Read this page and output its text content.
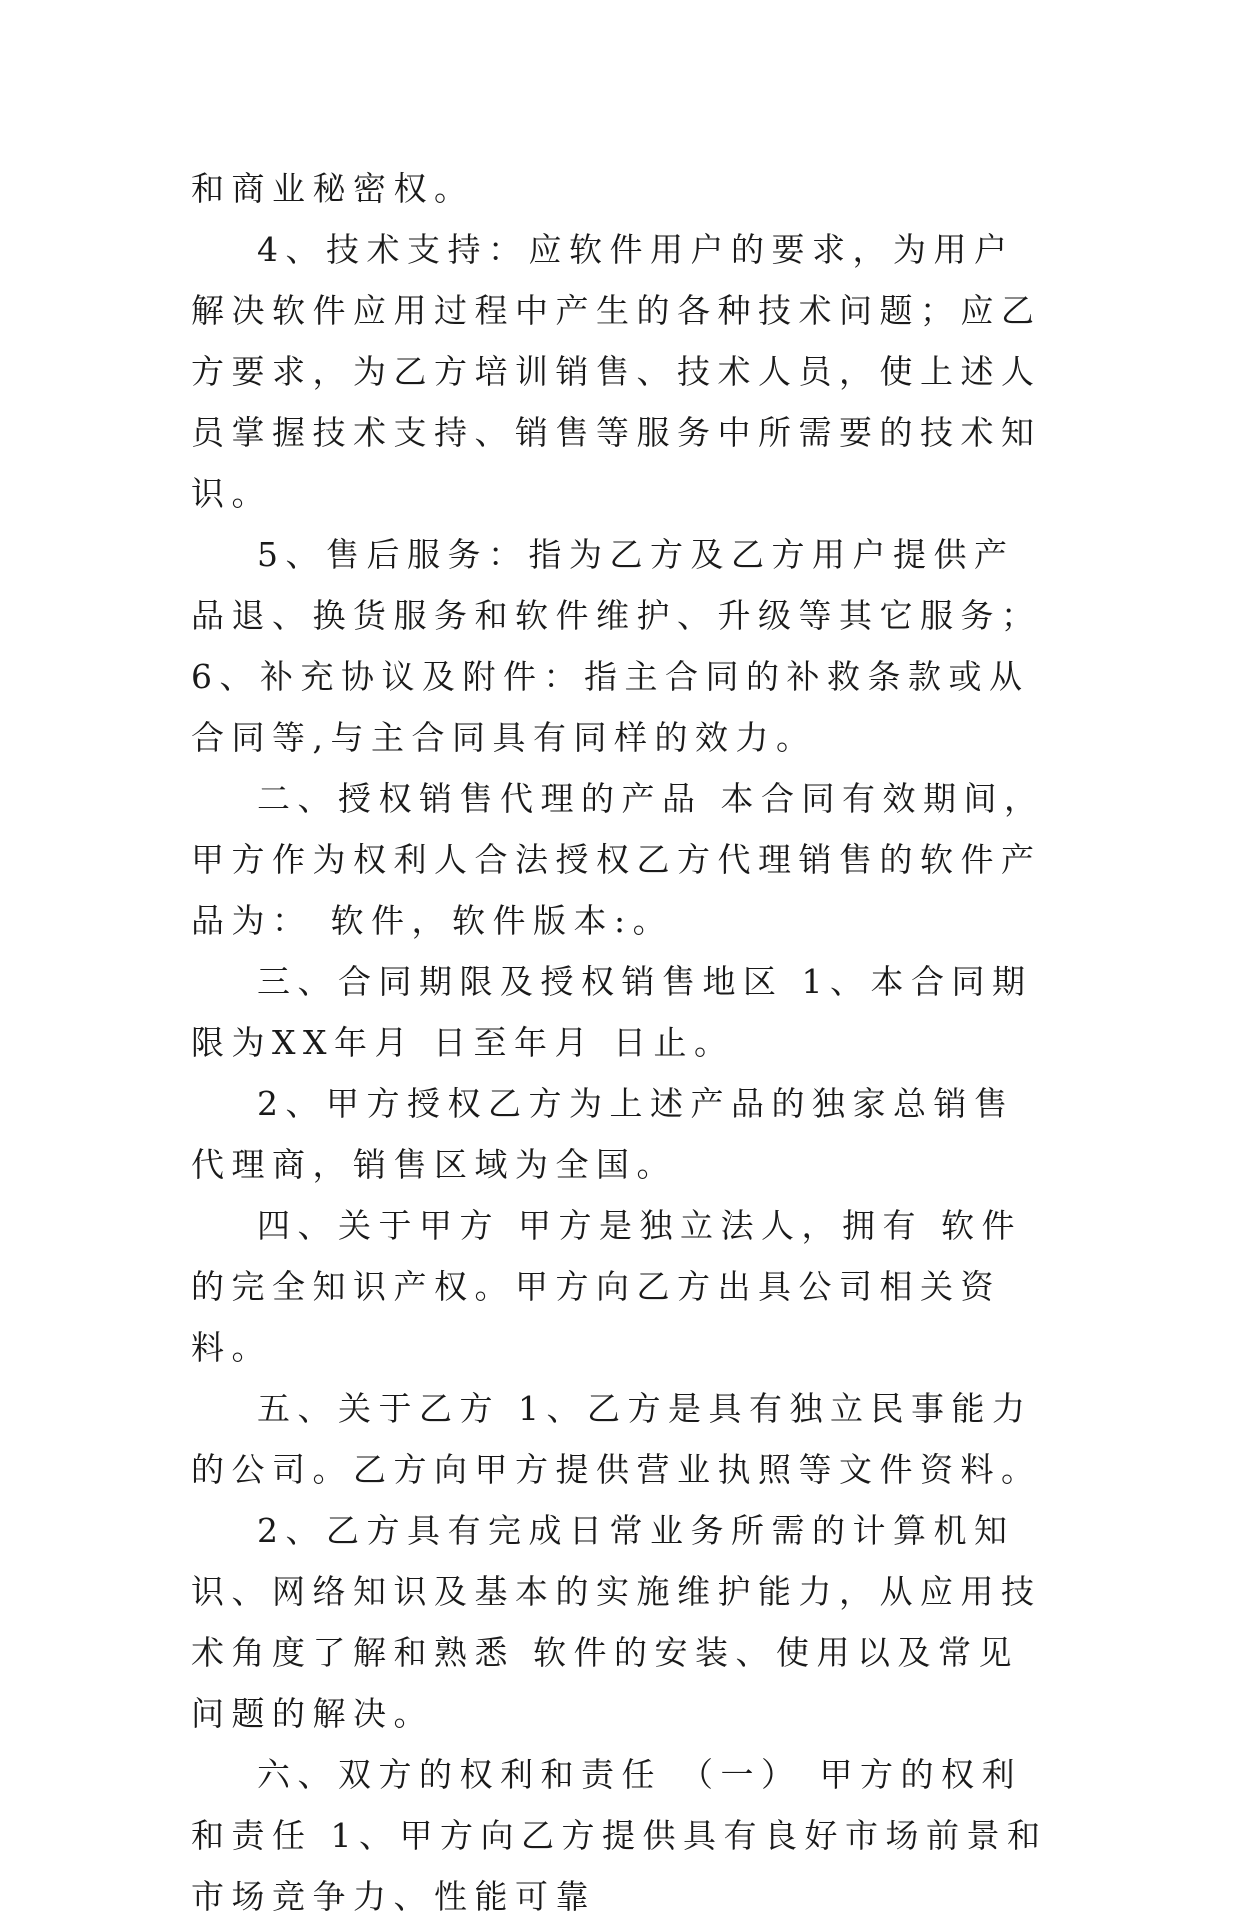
和商业秘密权。

4、技术支持：应软件用户的要求，为用户解决软件应用过程中产生的各种技术问题；应乙方要求，为乙方培训销售、技术人员，使上述人员掌握技术支持、销售等服务中所需要的技术知识。

5、售后服务：指为乙方及乙方用户提供产品退、换货服务和软件维护、升级等其它服务； 6、补充协议及附件：指主合同的补救条款或从合同等,与主合同具有同样的效力。

二、授权销售代理的产品 本合同有效期间，甲方作为权利人合法授权乙方代理销售的软件产品为： 软件，软件版本:。

三、合同期限及授权销售地区 1、本合同期限为XX年月 日至年月 日止。

2、甲方授权乙方为上述产品的独家总销售代理商，销售区域为全国。

四、关于甲方 甲方是独立法人，拥有 软件的完全知识产权。甲方向乙方出具公司相关资料。

五、关于乙方 1、乙方是具有独立民事能力的公司。乙方向甲方提供营业执照等文件资料。

2、乙方具有完成日常业务所需的计算机知识、网络知识及基本的实施维护能力，从应用技术角度了解和熟悉 软件的安装、使用以及常见问题的解决。

六、双方的权利和责任 （一） 甲方的权利和责任 1、甲方向乙方提供具有良好市场前景和市场竞争力、性能可靠
